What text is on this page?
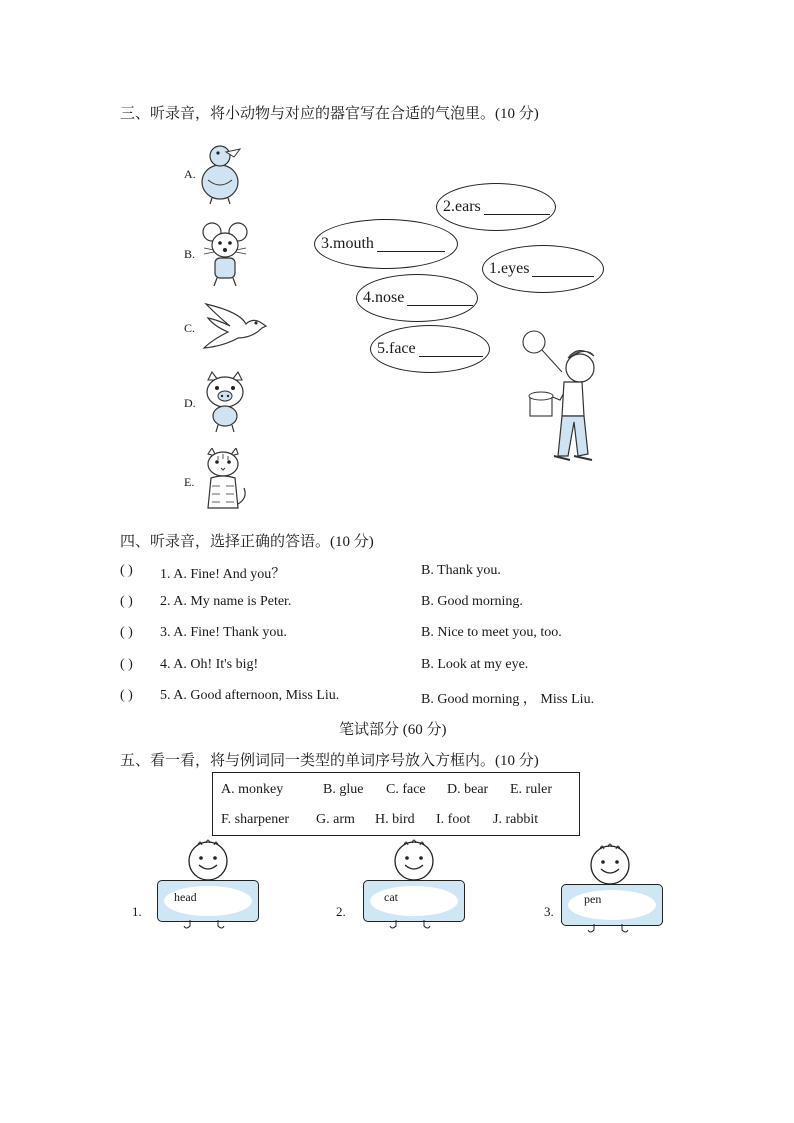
三、听录音，将小动物与对应的器官写在合适的气泡里。(10 分)
A.
B.
C.
D.
E.
2.ears
3.mouth
1.eyes
4.nose
5.face
四、听录音，选择正确的答语。(10 分)
( ) 1. A. Fine! And you？	B. Thank you.
( ) 2. A. My name is Peter.	B. Good morning.
( ) 3. A. Fine! Thank you.	B. Nice to meet you, too.
( ) 4. A. Oh! It's big!	B. Look at my eye.
( ) 5. A. Good afternoon, Miss Liu.	B. Good morning ， Miss Liu.
笔试部分 (60 分)
五、看一看，将与例词同一类型的单词序号放入方框内。(10 分)
A. monkey	B. glue C. face D. bear E. ruler
F. sharpener G. arm H. bird I. foot J. rabbit
1.
head
2.
cat
3.
pen
